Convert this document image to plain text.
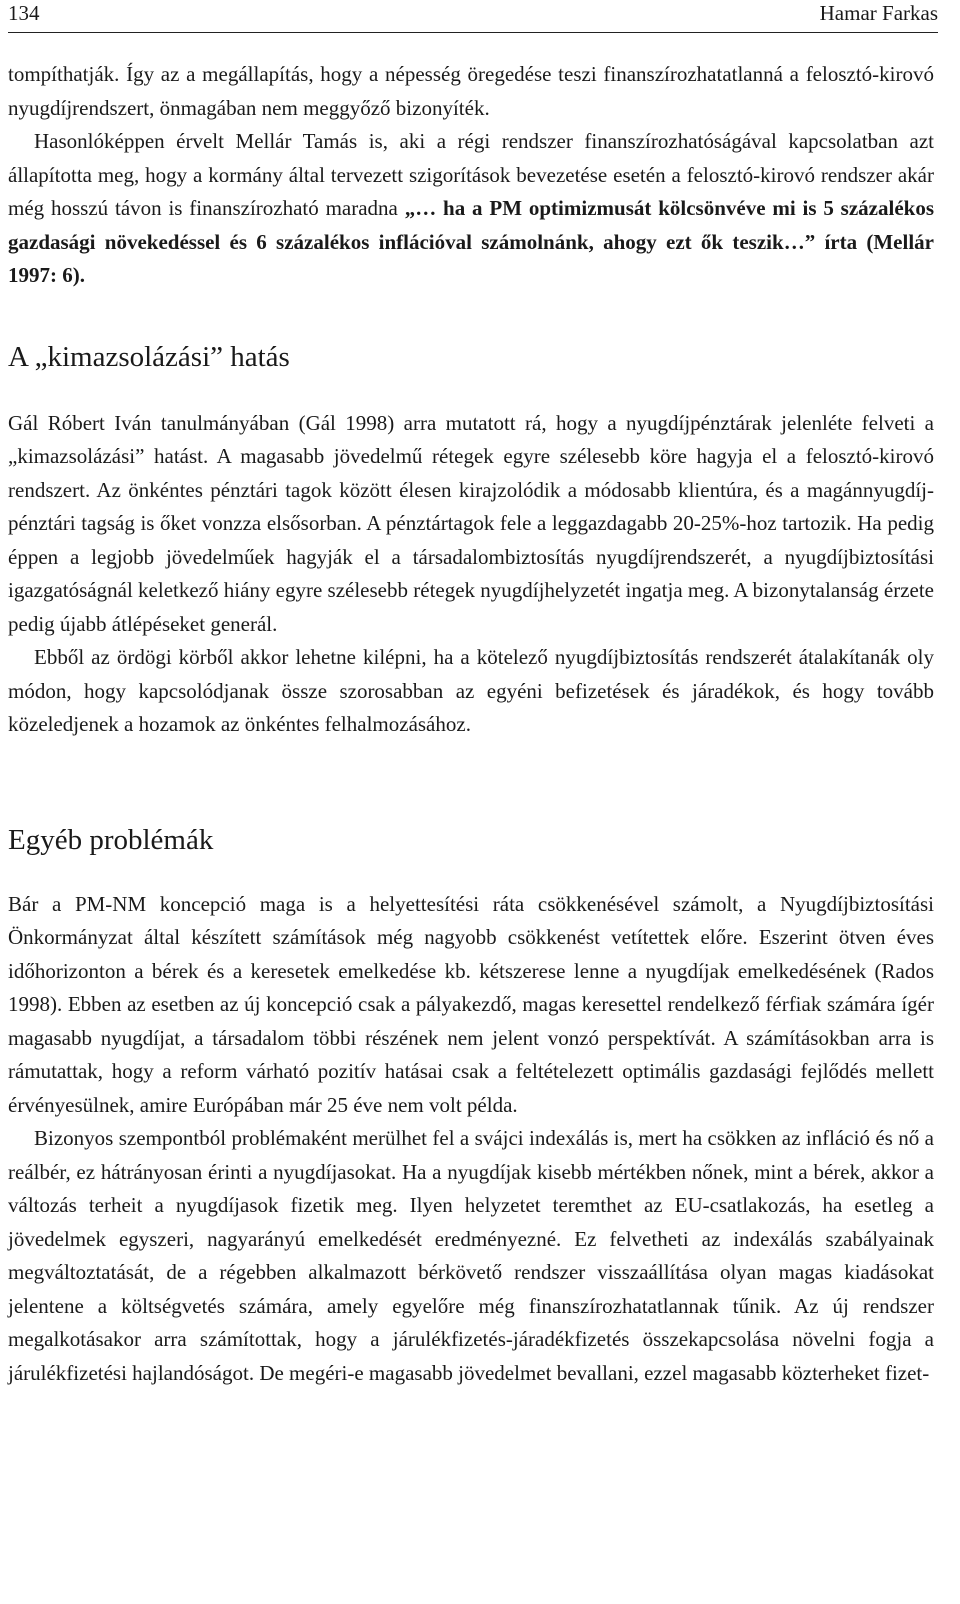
134	Hamar Farkas

tompíthatják. Így az a megállapítás, hogy a népesség öregedése teszi finanszírozhatatlanná a felosztó-kirovó nyugdíjrendszert, önmagában nem meggyőző bizonyíték.

Hasonlóképpen érvelt Mellár Tamás is, aki a régi rendszer finanszírozhatóságával kapcsolatban azt állapította meg, hogy a kormány által tervezett szigorítások bevezetése esetén a felosztó-kirovó rendszer akár még hosszú távon is finanszírozható maradna „… ha a PM optimizmusát kölcsönvéve mi is 5 százalékos gazdasági növekedéssel és 6 százalékos inflációval számolnánk, ahogy ezt ők teszik…” írta (Mellár 1997: 6).

A „kimazsolázási” hatás

Gál Róbert Iván tanulmányában (Gál 1998) arra mutatott rá, hogy a nyugdíjpénztárak jelenléte felveti a „kimazsolázási” hatást. A magasabb jövedelmű rétegek egyre szélesebb köre hagyja el a felosztó-kirovó rendszert. Az önkéntes pénztári tagok között élesen kirajzolódik a módosabb klientúra, és a magánnyugdíj-pénztári tagság is őket vonzza elsősorban. A pénztártagok fele a leggazdagabb 20-25%-hoz tartozik. Ha pedig éppen a legjobb jövedelműek hagyják el a társadalombiztosítás nyugdíjrendszerét, a nyugdíjbiztosítási igazgatóságnál keletkező hiány egyre szélesebb rétegek nyugdíjhelyzetét ingatja meg. A bizonytalanság érzete pedig újabb átlépéseket generál.

Ebből az ördögi körből akkor lehetne kilépni, ha a kötelező nyugdíjbiztosítás rendszerét átalakítanák oly módon, hogy kapcsolódjanak össze szorosabban az egyéni befizetések és járadékok, és hogy tovább közeledjenek a hozamok az önkéntes felhalmozásához.

Egyéb problémák

Bár a PM-NM koncepció maga is a helyettesítési ráta csökkenésével számolt, a Nyugdíjbiztosítási Önkormányzat által készített számítások még nagyobb csökkenést vetítettek előre. Eszerint ötven éves időhorizonton a bérek és a keresetek emelkedése kb. kétszerese lenne a nyugdíjak emelkedésének (Rados 1998). Ebben az esetben az új koncepció csak a pályakezdő, magas keresettel rendelkező férfiak számára ígér magasabb nyugdíjat, a társadalom többi részének nem jelent vonzó perspektívát. A számításokban arra is rámutattak, hogy a reform várható pozitív hatásai csak a feltételezett optimális gazdasági fejlődés mellett érvényesülnek, amire Európában már 25 éve nem volt példa.

Bizonyos szempontból problémaként merülhet fel a svájci indexálás is, mert ha csökken az infláció és nő a reálbér, ez hátrányosan érinti a nyugdíjasokat. Ha a nyugdíjak kisebb mértékben nőnek, mint a bérek, akkor a változás terheit a nyugdíjasok fizetik meg. Ilyen helyzetet teremthet az EU-csatlakozás, ha esetleg a jövedelmek egyszeri, nagyarányú emelkedését eredményezné. Ez felvetheti az indexálás szabályainak megváltoztatását, de a régebben alkalmazott bérkövető rendszer visszaállítása olyan magas kiadásokat jelentene a költségvetés számára, amely egyelőre még finanszírozhatatlannak tűnik. Az új rendszer megalkotásakor arra számítottak, hogy a járulékfizetés-járadékfizetés összekapcsolása növelni fogja a járulékfizetési hajlandóságot. De megéri-e magasabb jövedelmet bevallani, ezzel magasabb közterheket fizet-
